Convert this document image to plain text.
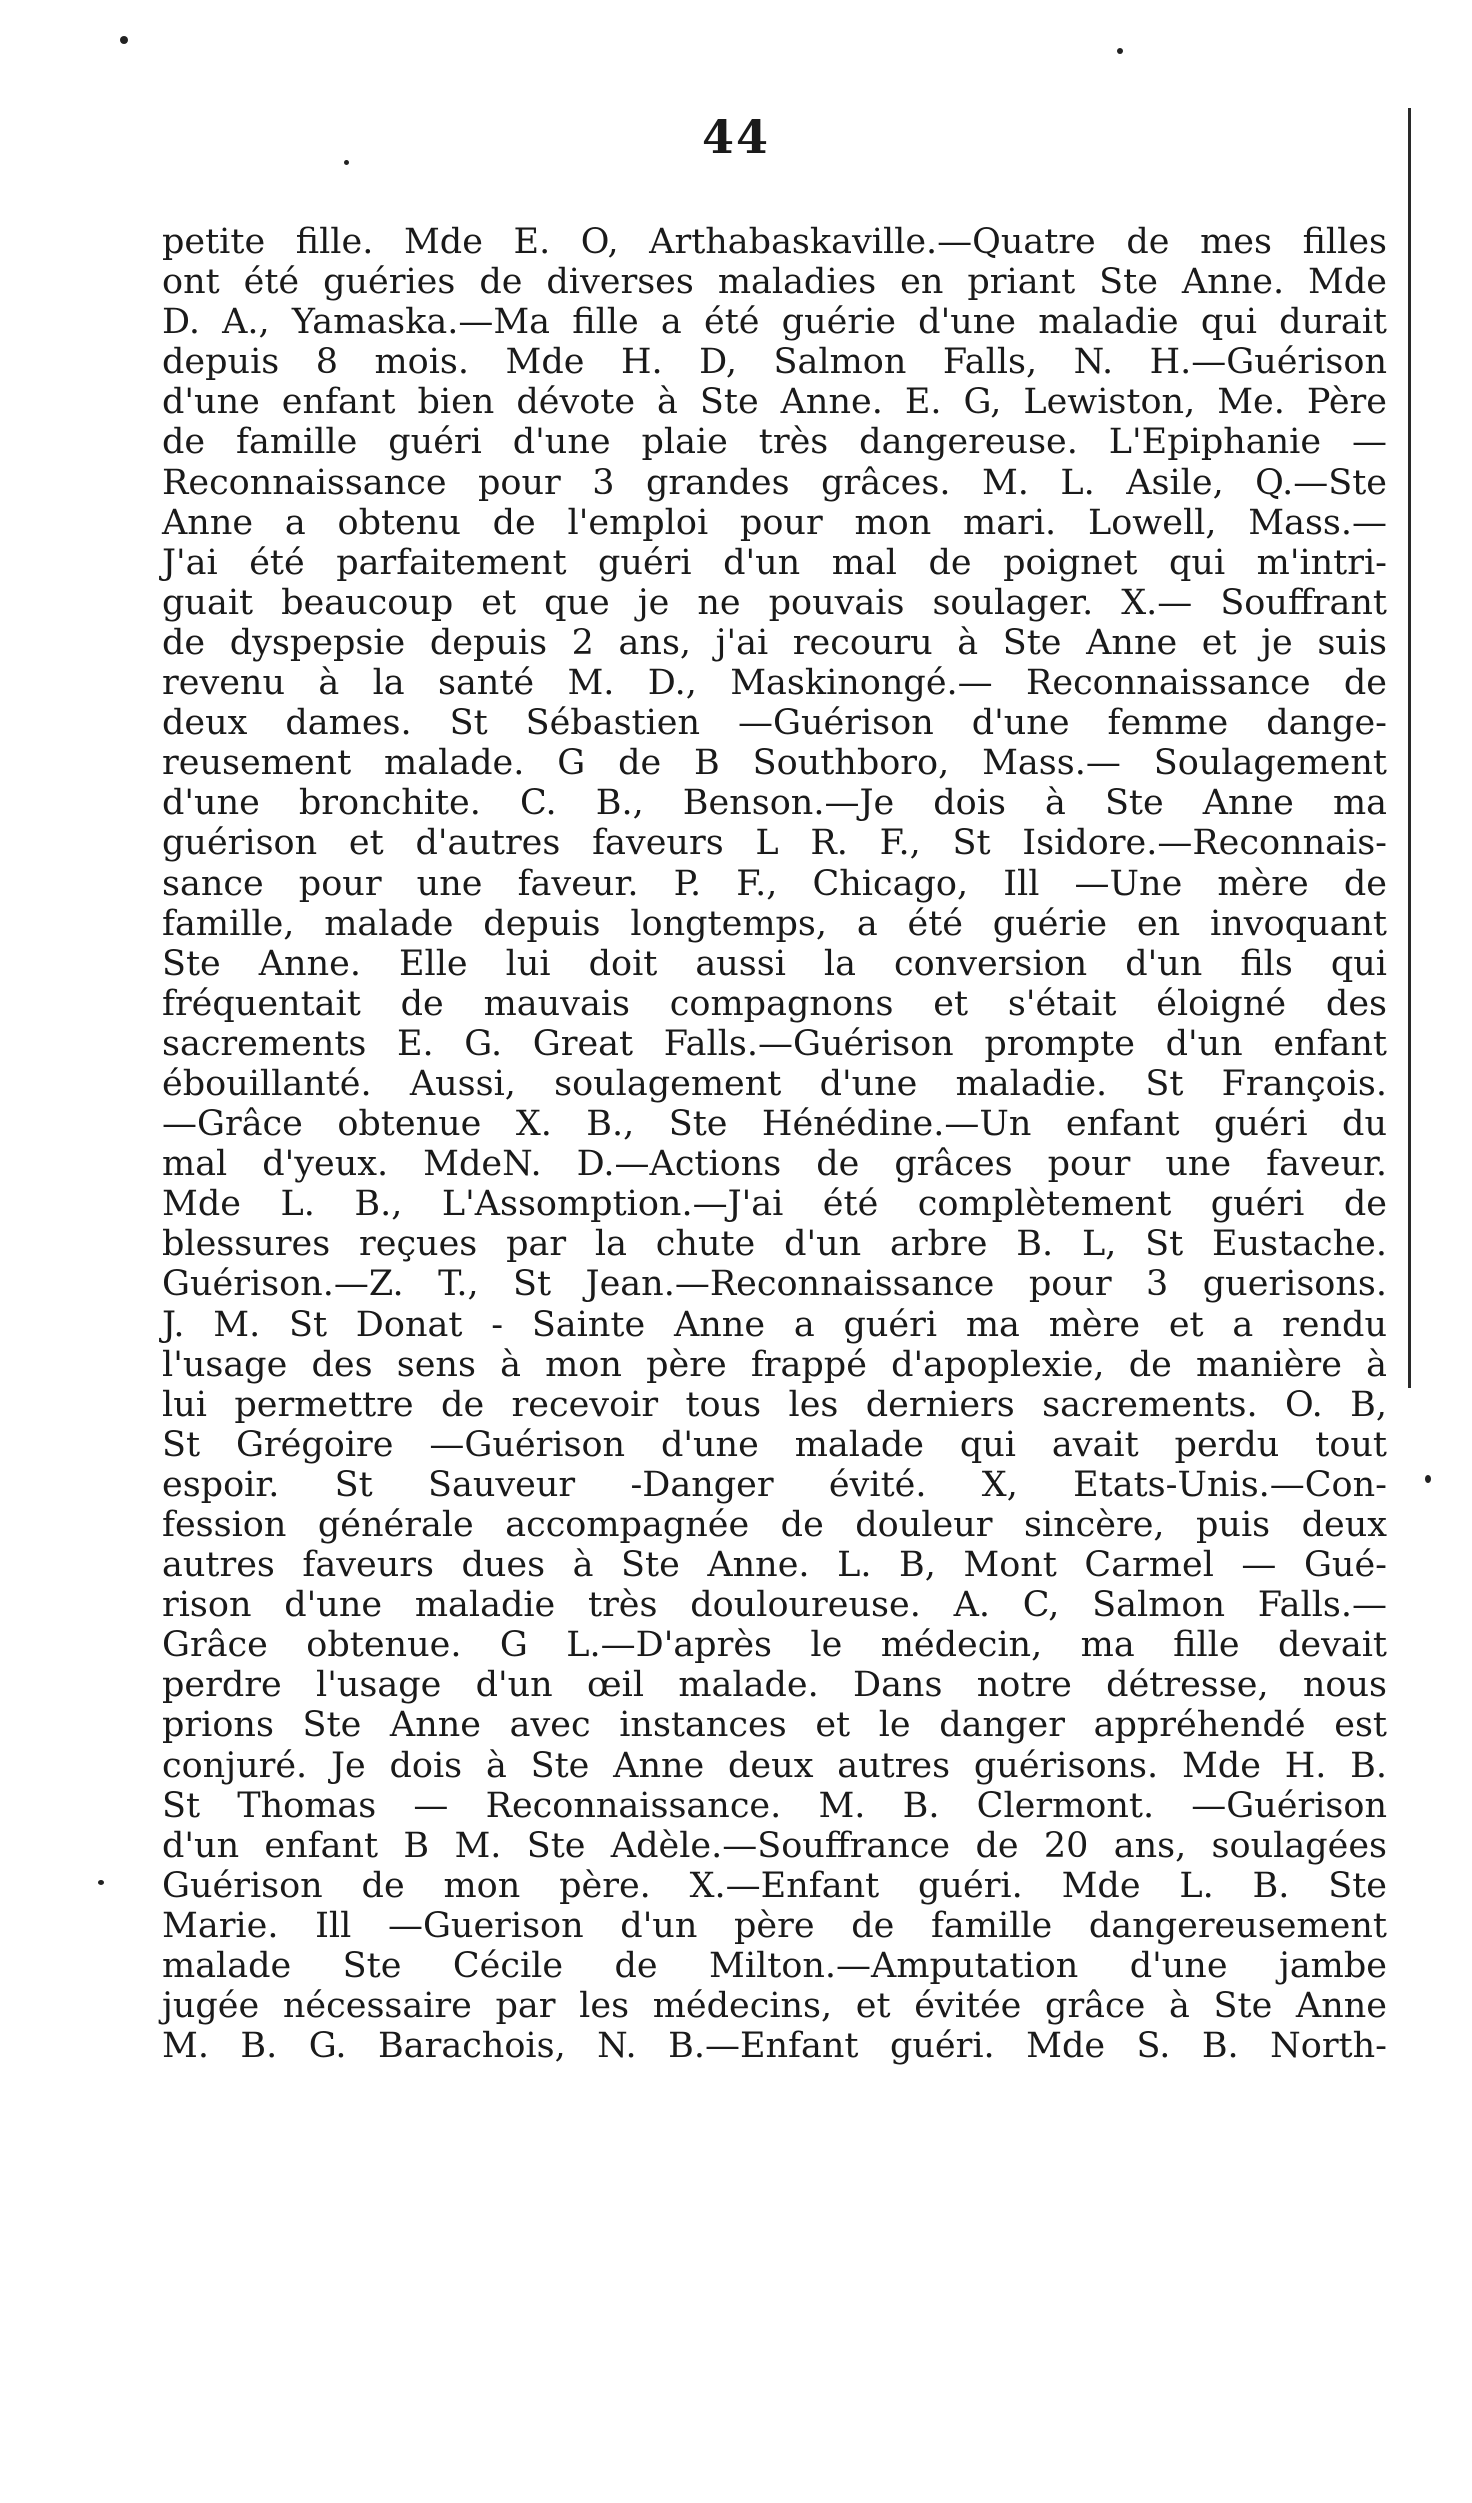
44
petite fille. Mde E. O, Arthabaskaville.—Quatre de mes filles
ont été guéries de diverses maladies en priant Ste Anne. Mde
D. A., Yamaska.—Ma fille a été guérie d'une maladie qui durait
depuis 8 mois. Mde H. D, Salmon Falls, N. H.—Guérison
d'une enfant bien dévote à Ste Anne. E. G, Lewiston, Me. Père
de famille guéri d'une plaie très dangereuse. L'Epiphanie —
Reconnaissance pour 3 grandes grâces. M. L. Asile, Q.—Ste
Anne a obtenu de l'emploi pour mon mari. Lowell, Mass.—
J'ai été parfaitement guéri d'un mal de poignet qui m'intri-
guait beaucoup et que je ne pouvais soulager. X.— Souffrant
de dyspepsie depuis 2 ans, j'ai recouru à Ste Anne et je suis
revenu à la santé M. D., Maskinongé.— Reconnaissance de
deux dames. St Sébastien —Guérison d'une femme dange-
reusement malade. G de B Southboro, Mass.— Soulagement
d'une bronchite. C. B., Benson.—Je dois à Ste Anne ma
guérison et d'autres faveurs L R. F., St Isidore.—Reconnais-
sance pour une faveur. P. F., Chicago, Ill —Une mère de
famille, malade depuis longtemps, a été guérie en invoquant
Ste Anne. Elle lui doit aussi la conversion d'un fils qui
fréquentait de mauvais compagnons et s'était éloigné des
sacrements E. G. Great Falls.—Guérison prompte d'un enfant
ébouillanté. Aussi, soulagement d'une maladie. St François.
—Grâce obtenue X. B., Ste Hénédine.—Un enfant guéri du
mal d'yeux. MdeN. D.—Actions de grâces pour une faveur.
Mde L. B., L'Assomption.—J'ai été complètement guéri de
blessures reçues par la chute d'un arbre B. L, St Eustache.
Guérison.—Z. T., St Jean.—Reconnaissance pour 3 guerisons.
J. M. St Donat - Sainte Anne a guéri ma mère et a rendu
l'usage des sens à mon père frappé d'apoplexie, de manière à
lui permettre de recevoir tous les derniers sacrements. O. B,
St Grégoire —Guérison d'une malade qui avait perdu tout
espoir. St Sauveur -Danger évité. X, Etats-Unis.—Con-
fession générale accompagnée de douleur sincère, puis deux
autres faveurs dues à Ste Anne. L. B, Mont Carmel — Gué-
rison d'une maladie très douloureuse. A. C, Salmon Falls.—
Grâce obtenue. G L.—D'après le médecin, ma fille devait
perdre l'usage d'un œil malade. Dans notre détresse, nous
prions Ste Anne avec instances et le danger appréhendé est
conjuré. Je dois à Ste Anne deux autres guérisons. Mde H. B.
St Thomas — Reconnaissance. M. B. Clermont. —Guérison
d'un enfant B M. Ste Adèle.—Souffrance de 20 ans, soulagées
Guérison de mon père. X.—Enfant guéri. Mde L. B. Ste
Marie. Ill —Guerison d'un père de famille dangereusement
malade Ste Cécile de Milton.—Amputation d'une jambe
jugée nécessaire par les médecins, et évitée grâce à Ste Anne
M. B. G. Barachois, N. B.—Enfant guéri. Mde S. B. North-
